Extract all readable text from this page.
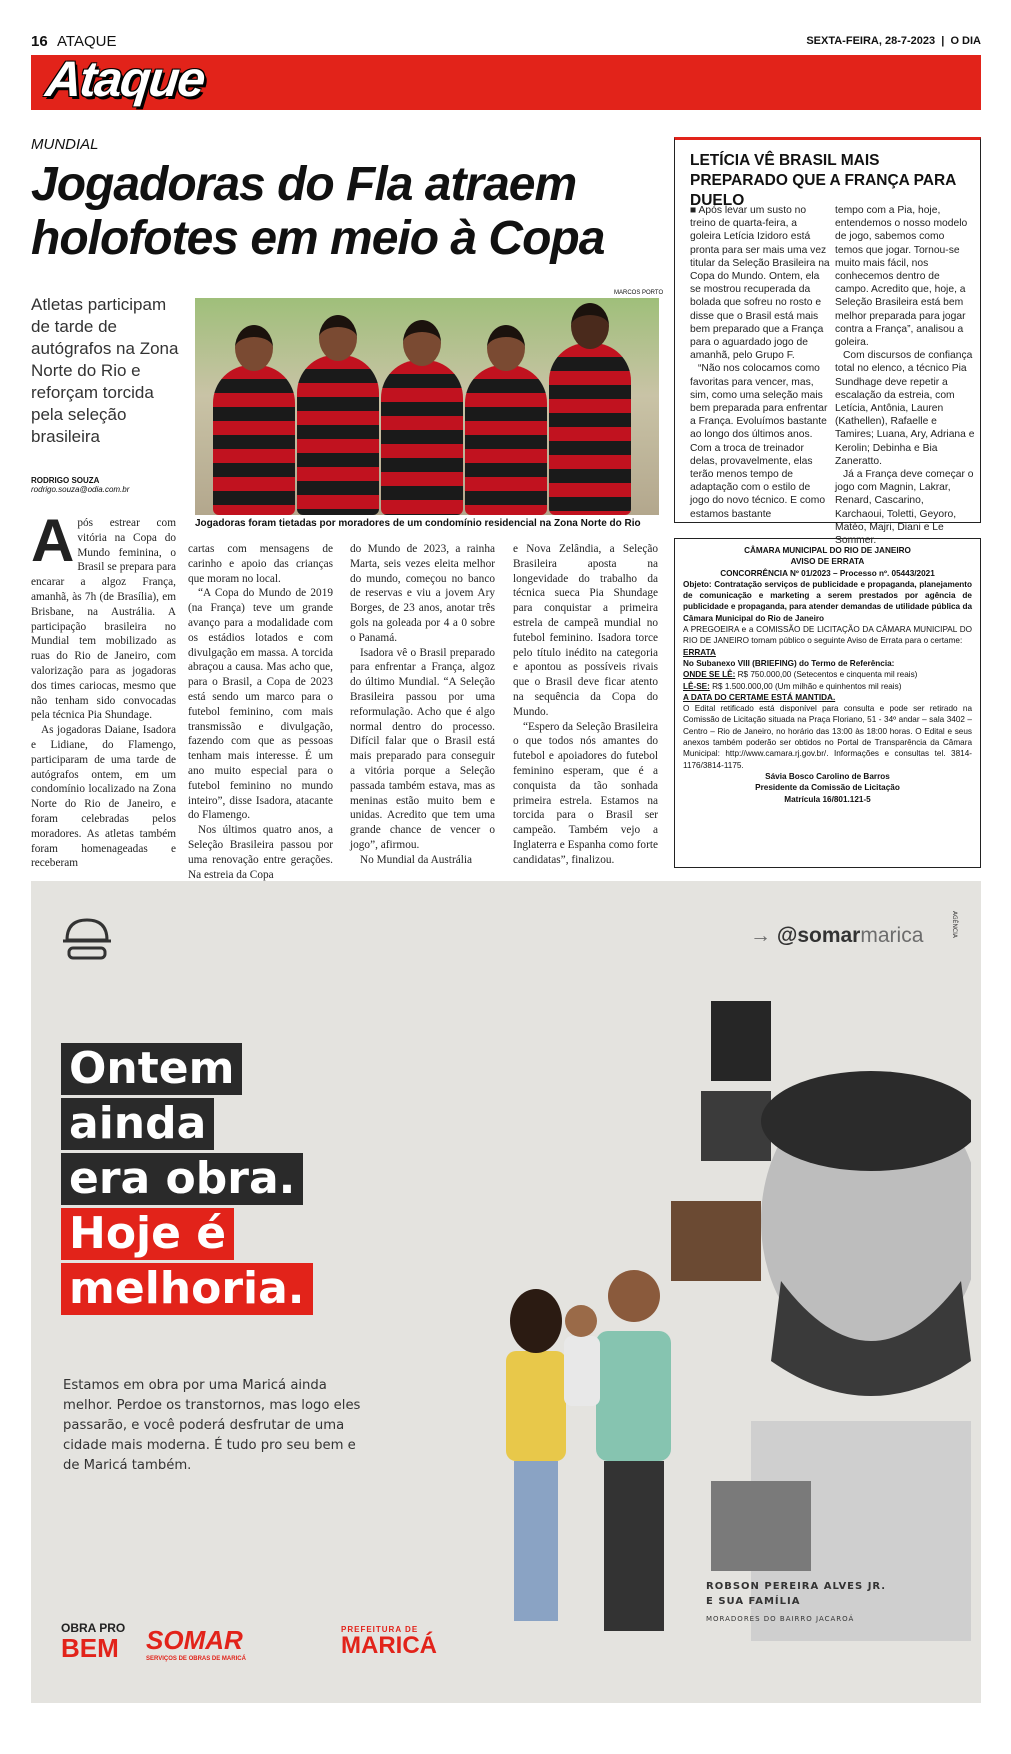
16 ATAQUE	SEXTA-FEIRA, 28-7-2023  |  O DIA
Ataque
MUNDIAL
Jogadoras do Fla atraem
holofotes em meio à Copa
Atletas participam de tarde de autógrafos na Zona Norte do Rio e reforçam torcida pela seleção brasileira
RODRIGO SOUZA
rodrigo.souza@odia.com.br
MARCOS PORTO
Jogadoras foram tietadas por moradores de um condomínio residencial na Zona Norte do Rio
A pós estrear com vitória na Copa do Mundo feminina, o Brasil se prepara para encarar a algoz França, amanhã, às 7h (de Brasília), em Brisbane, na Austrália. A participação brasileira no Mundial tem mobilizado as ruas do Rio de Janeiro, com valorização para as jogadoras dos times cariocas, mesmo que não tenham sido convocadas pela técnica Pia Shundage.

As jogadoras Daiane, Isadora e Lidiane, do Flamengo, participaram de uma tarde de autógrafos ontem, em um condomínio localizado na Zona Norte do Rio de Janeiro, e foram celebradas pelos moradores. As atletas também foram homenageadas e receberam

cartas com mensagens de carinho e apoio das crianças que moram no local.

“A Copa do Mundo de 2019 (na França) teve um grande avanço para a modalidade com os estádios lotados e com divulgação em massa. A torcida abraçou a causa. Mas acho que, para o Brasil, a Copa de 2023 está sendo um marco para o futebol feminino, com mais transmissão e divulgação, fazendo com que as pessoas tenham mais interesse. É um ano muito especial para o futebol feminino no mundo inteiro”, disse Isadora, atacante do Flamengo.

Nos últimos quatro anos, a Seleção Brasileira passou por uma renovação entre gerações. Na estreia da Copa

do Mundo de 2023, a rainha Marta, seis vezes eleita melhor do mundo, começou no banco de reservas e viu a jovem Ary Borges, de 23 anos, anotar três gols na goleada por 4 a 0 sobre o Panamá.

Isadora vê o Brasil preparado para enfrentar a França, algoz do último Mundial. “A Seleção Brasileira passou por uma reformulação. Acho que é algo normal dentro do processo. Difícil falar que o Brasil está mais preparado para conseguir a vitória porque a Seleção passada também estava, mas as meninas estão muito bem e unidas. Acredito que tem uma grande chance de vencer o jogo”, afirmou.

No Mundial da Austrália

e Nova Zelândia, a Seleção Brasileira aposta na longevidade do trabalho da técnica sueca Pia Shundage para conquistar a primeira estrela de campeã mundial no futebol feminino. Isadora torce pelo título inédito na categoria e apontou as possíveis rivais que o Brasil deve ficar atento na sequência da Copa do Mundo.

“Espero da Seleção Brasileira o que todos nós amantes do futebol e apoiadores do futebol feminino esperam, que é a conquista da tão sonhada primeira estrela. Estamos na torcida para o Brasil ser campeão. Também vejo a Inglaterra e Espanha como forte candidatas”, finalizou.

LETÍCIA VÊ BRASIL MAIS PREPARADO QUE A FRANÇA PARA DUELO
■ Após levar um susto no treino de quarta-feira, a goleira Letícia Izidoro está pronta para ser mais uma vez titular da Seleção Brasileira na Copa do Mundo. Ontem, ela se mostrou recuperada da bolada que sofreu no rosto e disse que o Brasil está mais bem preparado que a França para o aguardado jogo de amanhã, pelo Grupo F.

“Não nos colocamos como favoritas para vencer, mas, sim, como uma seleção mais bem preparada para enfrentar a França. Evoluímos bastante ao longo dos últimos anos. Com a troca de treinador delas, provavelmente, elas terão menos tempo de adaptação com o estilo de jogo do novo técnico. E como estamos bastante

tempo com a Pia, hoje, entendemos o nosso modelo de jogo, sabemos como temos que jogar. Tornou-se muito mais fácil, nos conhecemos dentro de campo. Acredito que, hoje, a Seleção Brasileira está bem melhor preparada para jogar contra a França”, analisou a goleira.

Com discursos de confiança total no elenco, a técnico Pia Sundhage deve repetir a escalação da estreia, com Letícia, Antônia, Lauren (Kathellen), Rafaelle e Tamires; Luana, Ary, Adriana e Kerolin; Debinha e Bia Zaneratto.

Já a França deve começar o jogo com Magnin, Lakrar, Renard, Cascarino, Karchaoui, Toletti, Geyoro, Matéo, Majri, Diani e Le Sommer.

CÂMARA MUNICIPAL DO RIO DE JANEIRO
AVISO DE ERRATA
CONCORRÊNCIA Nº 01/2023 – Processo nº. 05443/2021
Objeto: Contratação serviços de publicidade e propaganda, planejamento de comunicação e marketing a serem prestados por agência de publicidade e propaganda, para atender demandas de utilidade pública da Câmara Municipal do Rio de Janeiro
A PREGOEIRA e a COMISSÃO DE LICITAÇÃO DA CÂMARA MUNICIPAL DO RIO DE JANEIRO tornam público o seguinte Aviso de Errata para o certame:
ERRATA
No Subanexo VIII (BRIEFING) do Termo de Referência:
ONDE SE LÊ: R$ 750.000,00 (Setecentos e cinquenta mil reais)
LÊ-SE: R$ 1.500.000,00 (Um milhão e quinhentos mil reais)
A DATA DO CERTAME ESTÁ MANTIDA.
O Edital retificado está disponível para consulta e pode ser retirado na Comissão de Licitação situada na Praça Floriano, 51 - 34º andar – sala 3402 – Centro – Rio de Janeiro, no horário das 13:00 às 18:00 horas. O Edital e seus anexos também poderão ser obtidos no Portal de Transparência da Câmara Municipal: http://www.camara.rj.gov.br/. Informações e consultas tel. 3814-1176/3814-1175.
Sávia Bosco Carolino de Barros
Presidente da Comissão de Licitação
Matrícula 16/801.121-5
→ @somarmarica	AGÊNCIA
Ontem
ainda
era obra.
Hoje é
melhoria.
Estamos em obra por uma Maricá ainda melhor. Perdoe os transtornos, mas logo eles passarão, e você poderá desfrutar de uma cidade mais moderna. É tudo pro seu bem e de Maricá também.
ROBSON PEREIRA ALVES JR.
E SUA FAMÍLIA
MORADORES DO BAIRRO JACAROÁ
OBRA PRO
BEM SOMAR
SERVIÇOS DE OBRAS DE MARICÁ
PREFEITURA DE
MARICÁ
